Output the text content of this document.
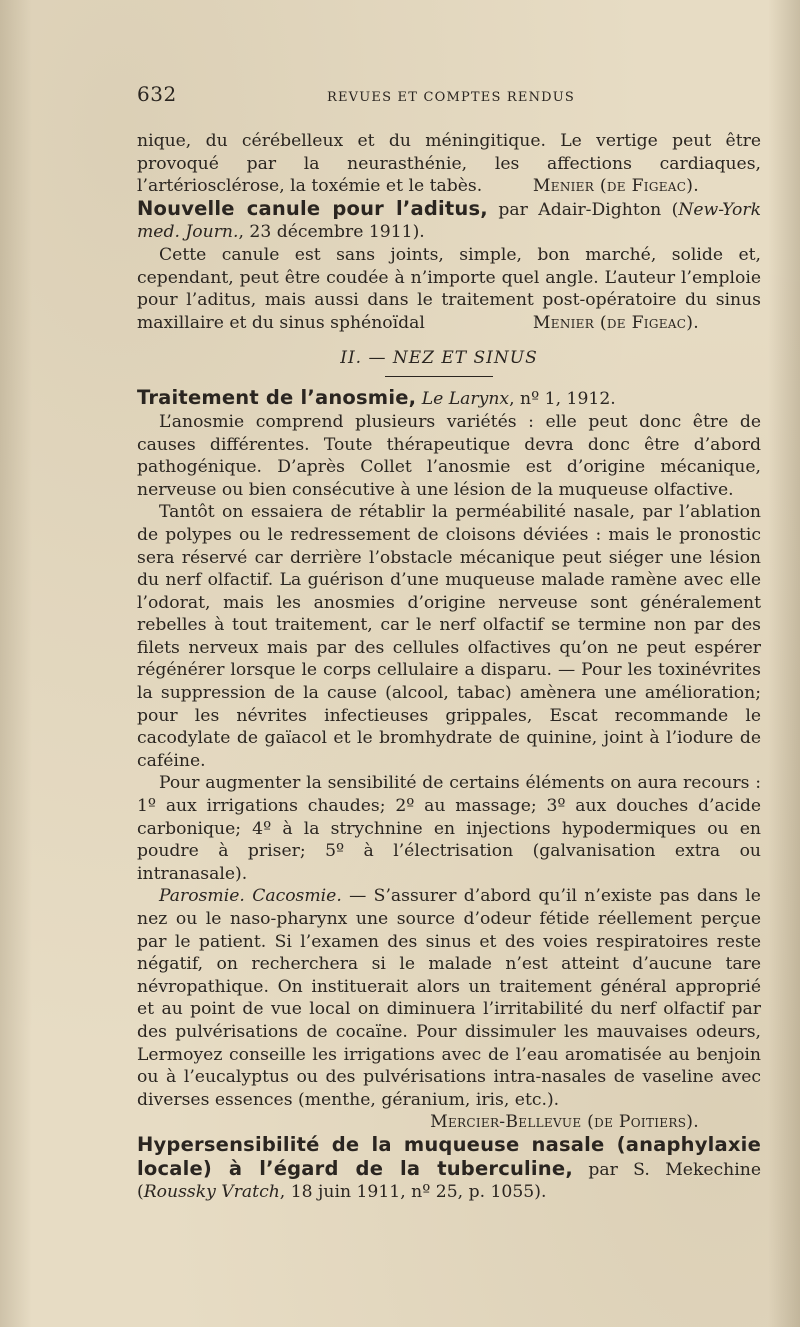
632	REVUES ET COMPTES RENDUS

nique, du cérébelleux et du méningitique. Le vertige peut être provoqué par la neurasthénie, les affections cardiaques, l’artériosclérose, la toxémie et le tabès.	Menier (de Figeac).

Nouvelle canule pour l’aditus, par Adair-Dighton (New-York med. Journ., 23 décembre 1911).

Cette canule est sans joints, simple, bon marché, solide et, cependant, peut être coudée à n’importe quel angle. L’auteur l’emploie pour l’aditus, mais aussi dans le traitement post-opératoire du sinus maxillaire et du sinus sphénoïdal	Menier (de Figeac).

II. — NEZ ET SINUS

Traitement de l’anosmie, Le Larynx, nº 1, 1912.

L’anosmie comprend plusieurs variétés : elle peut donc être de causes différentes. Toute thérapeutique devra donc être d’abord pathogénique. D’après Collet l’anosmie est d’origine mécanique, nerveuse ou bien consécutive à une lésion de la muqueuse olfactive.

Tantôt on essaiera de rétablir la perméabilité nasale, par l’ablation de polypes ou le redressement de cloisons déviées : mais le pronostic sera réservé car derrière l’obstacle mécanique peut siéger une lésion du nerf olfactif. La guérison d’une muqueuse malade ramène avec elle l’odorat, mais les anosmies d’origine nerveuse sont généralement rebelles à tout traitement, car le nerf olfactif se termine non par des filets nerveux mais par des cellules olfactives qu’on ne peut espérer régénérer lorsque le corps cellulaire a disparu. — Pour les toxinévrites la suppression de la cause (alcool, tabac) amènera une amélioration; pour les névrites infectieuses grippales, Escat recommande le cacodylate de gaïacol et le bromhydrate de quinine, joint à l’iodure de caféine.

Pour augmenter la sensibilité de certains éléments on aura recours : 1º aux irrigations chaudes; 2º au massage; 3º aux douches d’acide carbonique; 4º à la strychnine en injections hypodermiques ou en poudre à priser; 5º à l’électrisation (galvanisation extra ou intranasale).

Parosmie. Cacosmie. — S’assurer d’abord qu’il n’existe pas dans le nez ou le naso-pharynx une source d’odeur fétide réellement perçue par le patient. Si l’examen des sinus et des voies respiratoires reste négatif, on recherchera si le malade n’est atteint d’aucune tare névropathique. On instituerait alors un traitement général approprié et au point de vue local on diminuera l’irritabilité du nerf olfactif par des pulvérisations de cocaïne. Pour dissimuler les mauvaises odeurs, Lermoyez conseille les irrigations avec de l’eau aromatisée au benjoin ou à l’eucalyptus ou des pulvérisations intra-nasales de vaseline avec diverses essences (menthe, géranium, iris, etc.).

Mercier-Bellevue (de Poitiers).

Hypersensibilité de la muqueuse nasale (anaphylaxie locale) à l’égard de la tuberculine, par S. Mekechine (Roussky Vratch, 18 juin 1911, nº 25, p. 1055).
